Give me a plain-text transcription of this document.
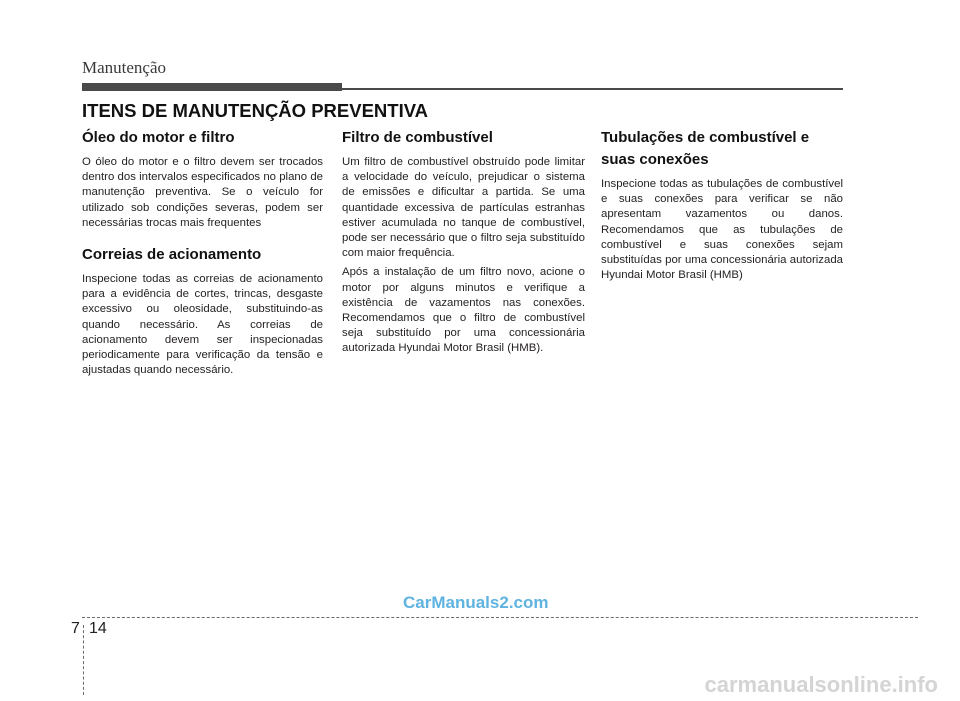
Manutenção
ITENS DE MANUTENÇÃO PREVENTIVA
Óleo do motor e filtro

O óleo do motor e o filtro devem ser trocados dentro dos intervalos especificados no plano de manutenção preventiva. Se o veículo for utilizado sob condições severas, podem ser necessárias trocas mais frequentes

Correias de acionamento

Inspecione todas as correias de acionamento para a evidência de cortes, trincas, desgaste excessivo ou oleosidade, substituindo-as quando necessário. As correias de acionamento devem ser inspecionadas periodicamente para verificação da tensão e ajustadas quando necessário.

Filtro de combustível

Um filtro de combustível obstruído pode limitar a velocidade do veículo, prejudicar o sistema de emissões e dificultar a partida. Se uma quantidade excessiva de partículas estranhas estiver acumulada no tanque de combustível, pode ser necessário que o filtro seja substituído com maior frequência.

Após a instalação de um filtro novo, acione o motor por alguns minutos e verifique a existência de vazamentos nas conexões. Recomendamos que o filtro de combustível seja substituído por uma concessionária autorizada Hyundai Motor Brasil (HMB).

Tubulações de combustível e suas conexões

Inspecione todas as tubulações de combustível e suas conexões para verificar se não apresentam vazamentos ou danos. Recomendamos que as tubulações de combustível e suas conexões sejam substituídas por uma concessionária autorizada Hyundai Motor Brasil (HMB)

CarManuals2.com
7 14
carmanualsonline.info
